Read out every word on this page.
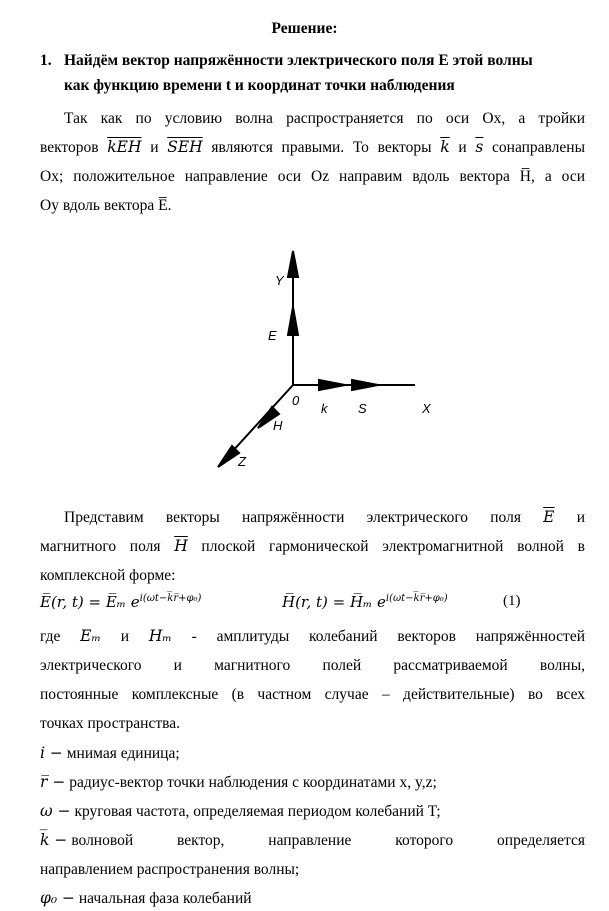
Решение:
1. Найдём вектор напряжённости электрического поля E этой волны
как функцию времени t и координат точки наблюдения
Так как по условию волна распространяется по оси Ox, а тройки
векторов $\overline{kEH}$ и $\overline{SEH}$ являются правыми. То векторы $\overline{k}$ и $\overline{s}$ сонаправлены
Ox; положительное направление оси Oz направим вдоль вектора H̅, а оси
Oy вдоль вектора E̅.
Y
E
0
k S	X
H
Z
Представим векторы напряжённости электрического поля $\overline{E}$ и
магнитного поля $\overline{H}$ плоской гармонической электромагнитной волной в
комплексной форме:
E̅(r, t) = E̅ₘ $e^{i(\omega t-k̅r̅+\varphi_0)}$	H̅(r, t) = H̅ₘ $e^{i(\omega t-k̅r̅+\varphi_0)}$	(1)
где Eₘ и Hₘ - амплитуды колебаний векторов напряжённостей
электрического и магнитного полей рассматриваемой волны,
постоянные комплексные (в частном случае – действительные) во всех
точках пространства.
i − мнимая единица;
r̅ − радиус-вектор точки наблюдения с координатами x, y,z;
ω − круговая частота, определяемая периодом колебаний T;
k̅ − волновой вектор, направление которого определяется
направлением распространения волны;
φ₀ − начальная фаза колебаний
